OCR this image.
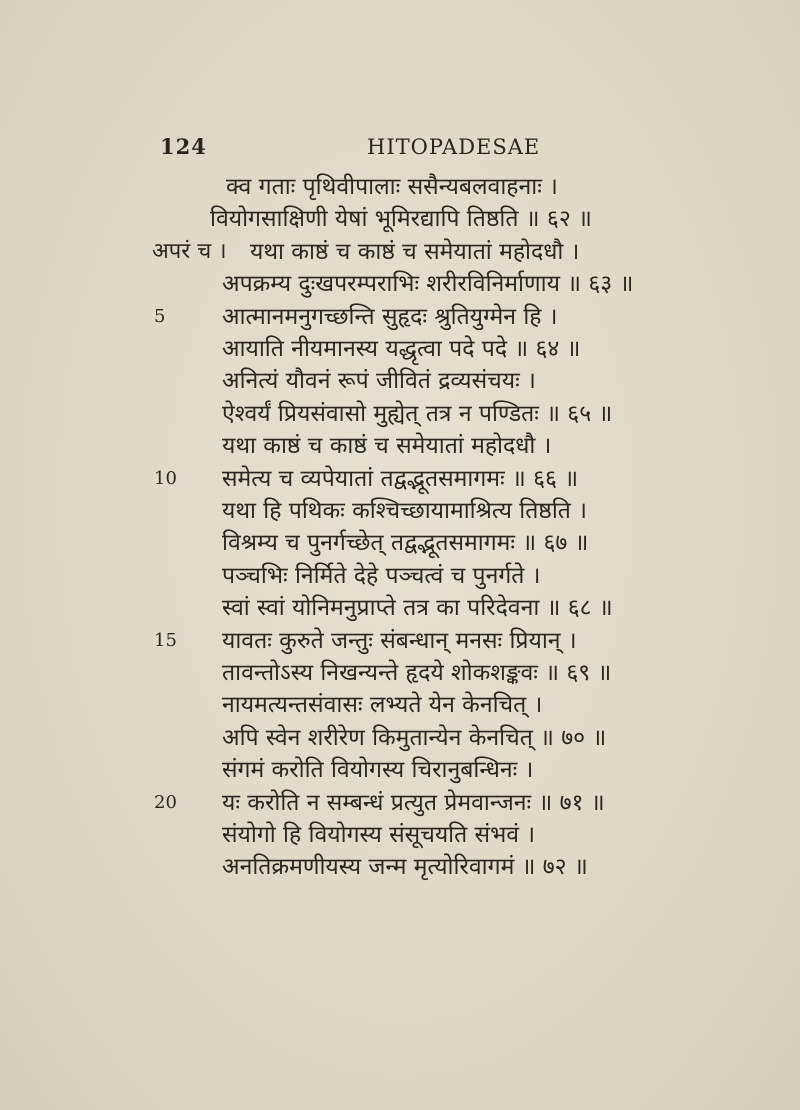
124	HITOPADESAE
क्व गताः पृथिवीपालाः ससैन्यबलवाहनाः ।
वियोगसाक्षिणी येषां भूमिरद्यापि तिष्ठति ॥ ६२ ॥
यथा काष्ठं च काष्ठं च समेयातां महोदधौ ।
अपरं च ।
अपक्रम्य दुःखपरम्पराभिः शरीरविनिर्माणाय ॥ ६३ ॥
आत्मानमनुगच्छन्ति सुहृदः श्रुतियुग्मेन हि ।
आयाति नीयमानस्य यद्धृत्वा पदे पदे ॥ ६४ ॥
अनित्यं यौवनं रूपं जीवितं द्रव्यसंचयः ।
ऐश्वर्यं प्रियसंवासो मुह्येत् तत्र न पण्डितः ॥ ६५ ॥
यथा काष्ठं च काष्ठं च समेयातां महोदधौ ।
समेत्य च व्यपेयातां तद्वद्भूतसमागमः ॥ ६६ ॥
यथा हि पथिकः कश्चिच्छायामाश्रित्य तिष्ठति ।
विश्रम्य च पुनर्गच्छेत् तद्वद्भूतसमागमः ॥ ६७ ॥
पञ्चभिः निर्मिते देहे पञ्चत्वं च पुनर्गते ।
स्वां स्वां योनिमनुप्राप्ते तत्र का परिदेवना ॥ ६८ ॥
यावतः कुरुते जन्तुः संबन्धान् मनसः प्रियान् ।
तावन्तोऽस्य निखन्यन्ते हृदये शोकशङ्कवः ॥ ६९ ॥
नायमत्यन्तसंवासः लभ्यते येन केनचित् ।
अपि स्वेन शरीरेण किमुतान्येन केनचित् ॥ ७० ॥
संगमं करोति वियोगस्य चिरानुबन्धिनः ।
यः करोति न सम्बन्धं प्रत्युत प्रेमवान्जनः ॥ ७१ ॥
संयोगो हि वियोगस्य संसूचयति संभवं ।
अनतिक्रमणीयस्य जन्म मृत्योरिवागमं ॥ ७२ ॥
5
10
15
20
